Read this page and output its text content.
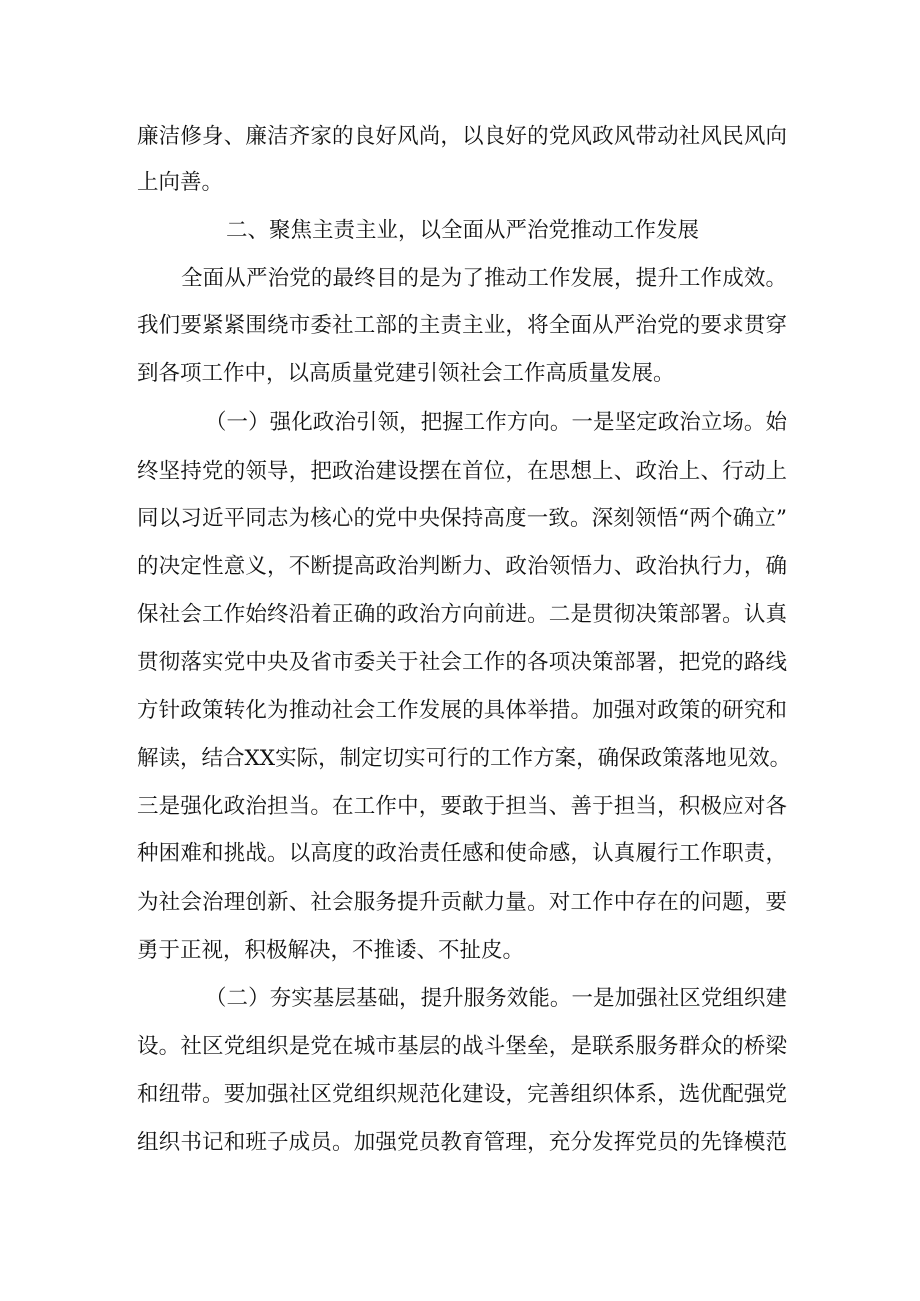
廉洁修身、廉洁齐家的良好风尚，以良好的党风政风带动社风民风向
上向善。
二、聚焦主责主业，以全面从严治党推动工作发展
全面从严治党的最终目的是为了推动工作发展，提升工作成效。
我们要紧紧围绕市委社工部的主责主业，将全面从严治党的要求贯穿
到各项工作中，以高质量党建引领社会工作高质量发展。
（一）强化政治引领，把握工作方向。一是坚定政治立场。始
终坚持党的领导，把政治建设摆在首位，在思想上、政治上、行动上
同以习近平同志为核心的党中央保持高度一致。深刻领悟“两个确立”
的决定性意义，不断提高政治判断力、政治领悟力、政治执行力，确
保社会工作始终沿着正确的政治方向前进。二是贯彻决策部署。认真
贯彻落实党中央及省市委关于社会工作的各项决策部署，把党的路线
方针政策转化为推动社会工作发展的具体举措。加强对政策的研究和
解读，结合XX实际，制定切实可行的工作方案，确保政策落地见效。
三是强化政治担当。在工作中，要敢于担当、善于担当，积极应对各
种困难和挑战。以高度的政治责任感和使命感，认真履行工作职责，
为社会治理创新、社会服务提升贡献力量。对工作中存在的问题，要
勇于正视，积极解决，不推诿、不扯皮。
（二）夯实基层基础，提升服务效能。一是加强社区党组织建
设。社区党组织是党在城市基层的战斗堡垒，是联系服务群众的桥梁
和纽带。要加强社区党组织规范化建设，完善组织体系，选优配强党
组织书记和班子成员。加强党员教育管理，充分发挥党员的先锋模范
